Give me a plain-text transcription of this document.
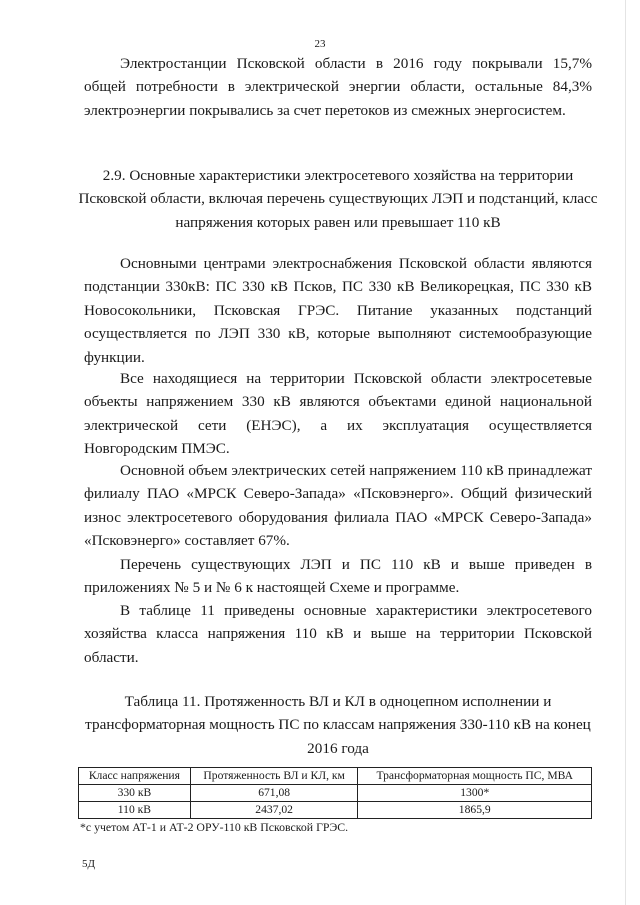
23

Электростанции Псковской области в 2016 году покрывали 15,7% общей потребности в электрической энергии области, остальные 84,3% электроэнергии покрывались за счет перетоков из смежных энергосистем.

2.9. Основные характеристики электросетевого хозяйства на территории Псковской области, включая перечень существующих ЛЭП и подстанций, класс напряжения которых равен или превышает 110 кВ

Основными центрами электроснабжения Псковской области являются подстанции 330кВ: ПС 330 кВ Псков, ПС 330 кВ Великорецкая, ПС 330 кВ Новосокольники, Псковская ГРЭС. Питание указанных подстанций осуществляется по ЛЭП 330 кВ, которые выполняют системообразующие функции.

Все находящиеся на территории Псковской области электросетевые объекты напряжением 330 кВ являются объектами единой национальной электрической сети (ЕНЭС), а их эксплуатация осуществляется Новгородским ПМЭС.

Основной объем электрических сетей напряжением 110 кВ принадлежат филиалу ПАО «МРСК Северо-Запада» «Псковэнерго». Общий физический износ электросетевого оборудования филиала ПАО «МРСК Северо-Запада» «Псковэнерго» составляет 67%.

Перечень существующих ЛЭП и ПС 110 кВ и выше приведен в приложениях № 5 и № 6 к настоящей Схеме и программе.

В таблице 11 приведены основные характеристики электросетевого хозяйства класса напряжения 110 кВ и выше на территории Псковской области.

Таблица 11. Протяженность ВЛ и КЛ в одноцепном исполнении и трансформаторная мощность ПС по классам напряжения 330-110 кВ на конец 2016 года

Класс напряжения	Протяженность ВЛ и КЛ, км	Трансформаторная мощность ПС, МВА
330 кВ	671,08	1300*
110 кВ	2437,02	1865,9

*с учетом АТ-1 и АТ-2 ОРУ-110 кВ Псковской ГРЭС.

5Д
